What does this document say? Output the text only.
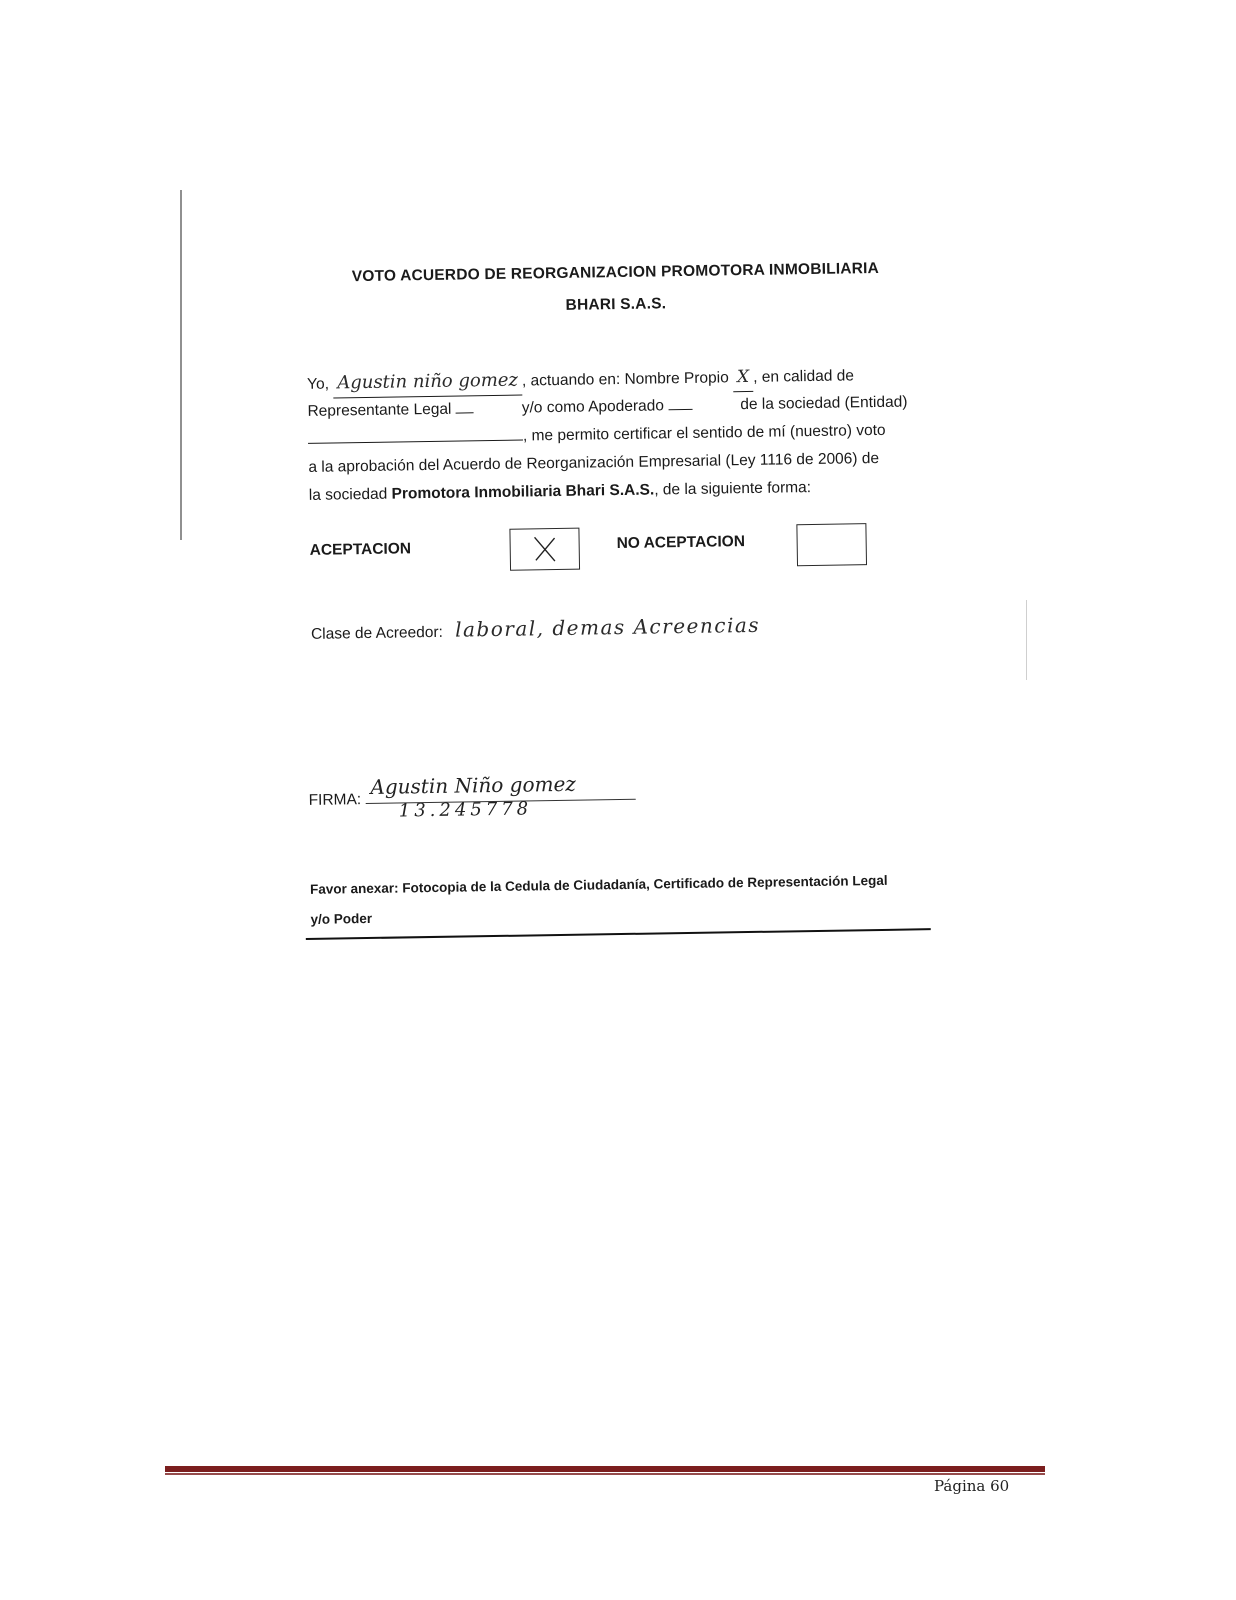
VOTO ACUERDO DE REORGANIZACION PROMOTORA INMOBILIARIA
BHARI S.A.S.
Yo, Agustin niño gomez , actuando en: Nombre Propio X , en calidad de
Representante Legal	y/o como Apoderado	de la sociedad (Entidad)
, me permito certificar el sentido de mí (nuestro) voto
a la aprobación del Acuerdo de Reorganización Empresarial (Ley 1116 de 2006) de
la sociedad Promotora Inmobiliaria Bhari S.A.S., de la siguiente forma:
ACEPTACION	NO ACEPTACION
Clase de Acreedor: laboral, demas Acreencias
FIRMA:
Agustin Niño gomez
13.245778
Favor anexar: Fotocopia de la Cedula de Ciudadanía, Certificado de Representación Legal
y/o Poder
Página 60
